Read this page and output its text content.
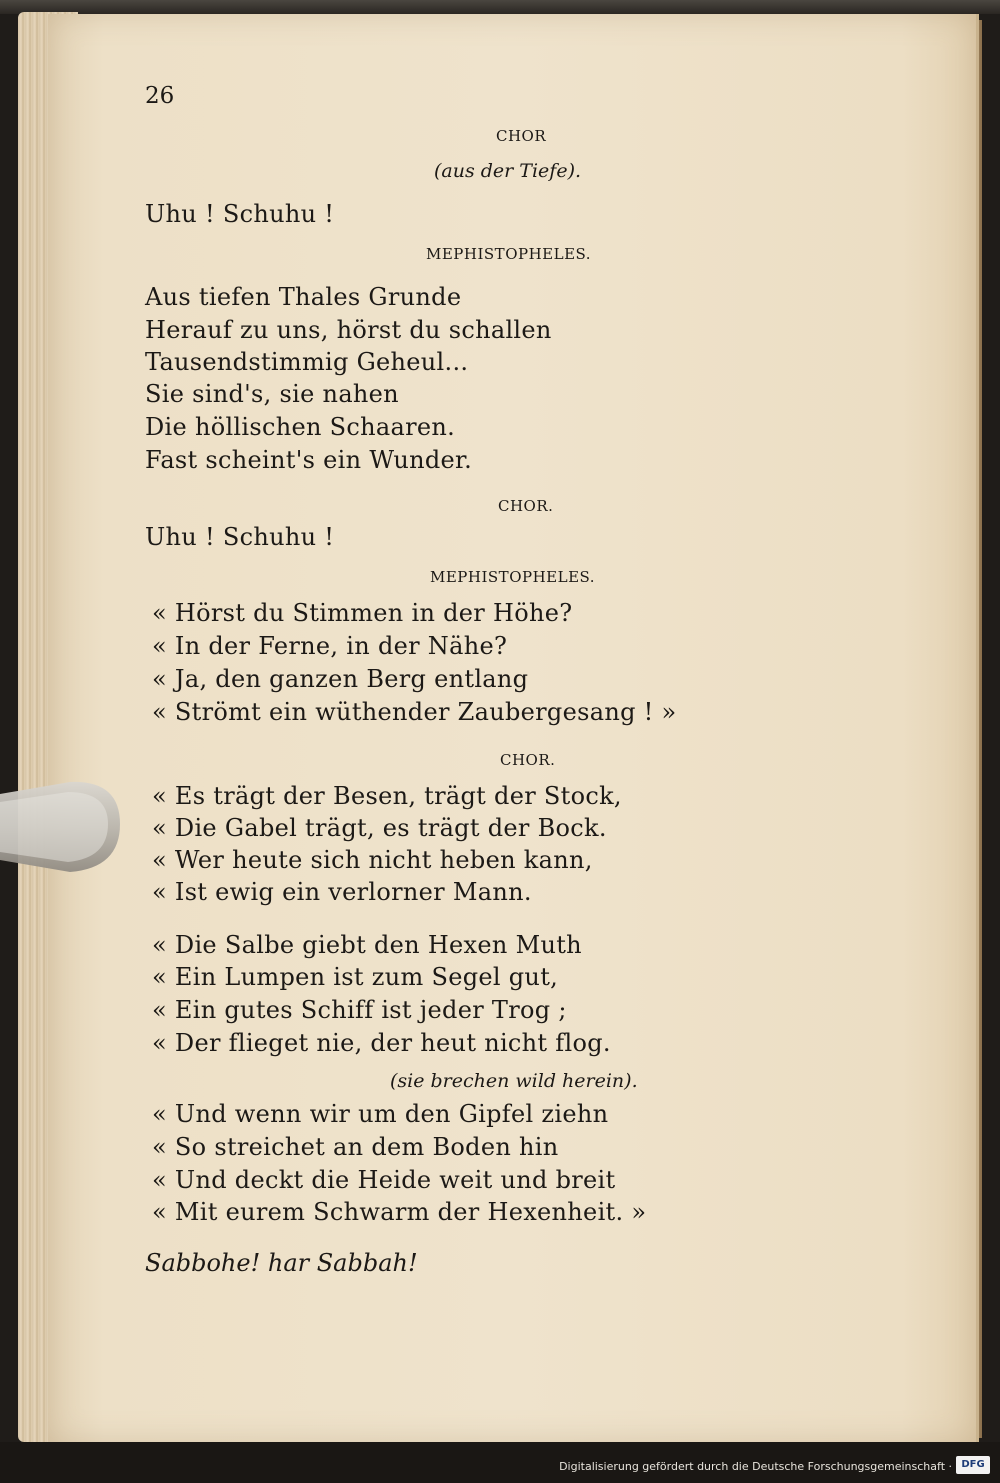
26
CHOR
(aus der Tiefe).
Uhu ! Schuhu !
MEPHISTOPHELES.
Aus tiefen Thales Grunde
Herauf zu uns, hörst du schallen
Tausendstimmig Geheul...
Sie sind's, sie nahen
Die höllischen Schaaren.
Fast scheint's ein Wunder.
CHOR.
Uhu ! Schuhu !
MEPHISTOPHELES.
« Hörst du Stimmen in der Höhe?
« In der Ferne, in der Nähe?
« Ja, den ganzen Berg entlang
« Strömt ein wüthender Zaubergesang ! »
CHOR.
« Es trägt der Besen, trägt der Stock,
« Die Gabel trägt, es trägt der Bock.
« Wer heute sich nicht heben kann,
« Ist ewig ein verlorner Mann.
« Die Salbe giebt den Hexen Muth
« Ein Lumpen ist zum Segel gut,
« Ein gutes Schiff ist jeder Trog ;
« Der flieget nie, der heut nicht flog.
(sie brechen wild herein).
« Und wenn wir um den Gipfel ziehn
« So streichet an dem Boden hin
« Und deckt die Heide weit und breit
« Mit eurem Schwarm der Hexenheit. »
Sabbohe! har Sabbah!
Digitalisierung gefördert durch die Deutsche Forschungsgemeinschaft · DFG
